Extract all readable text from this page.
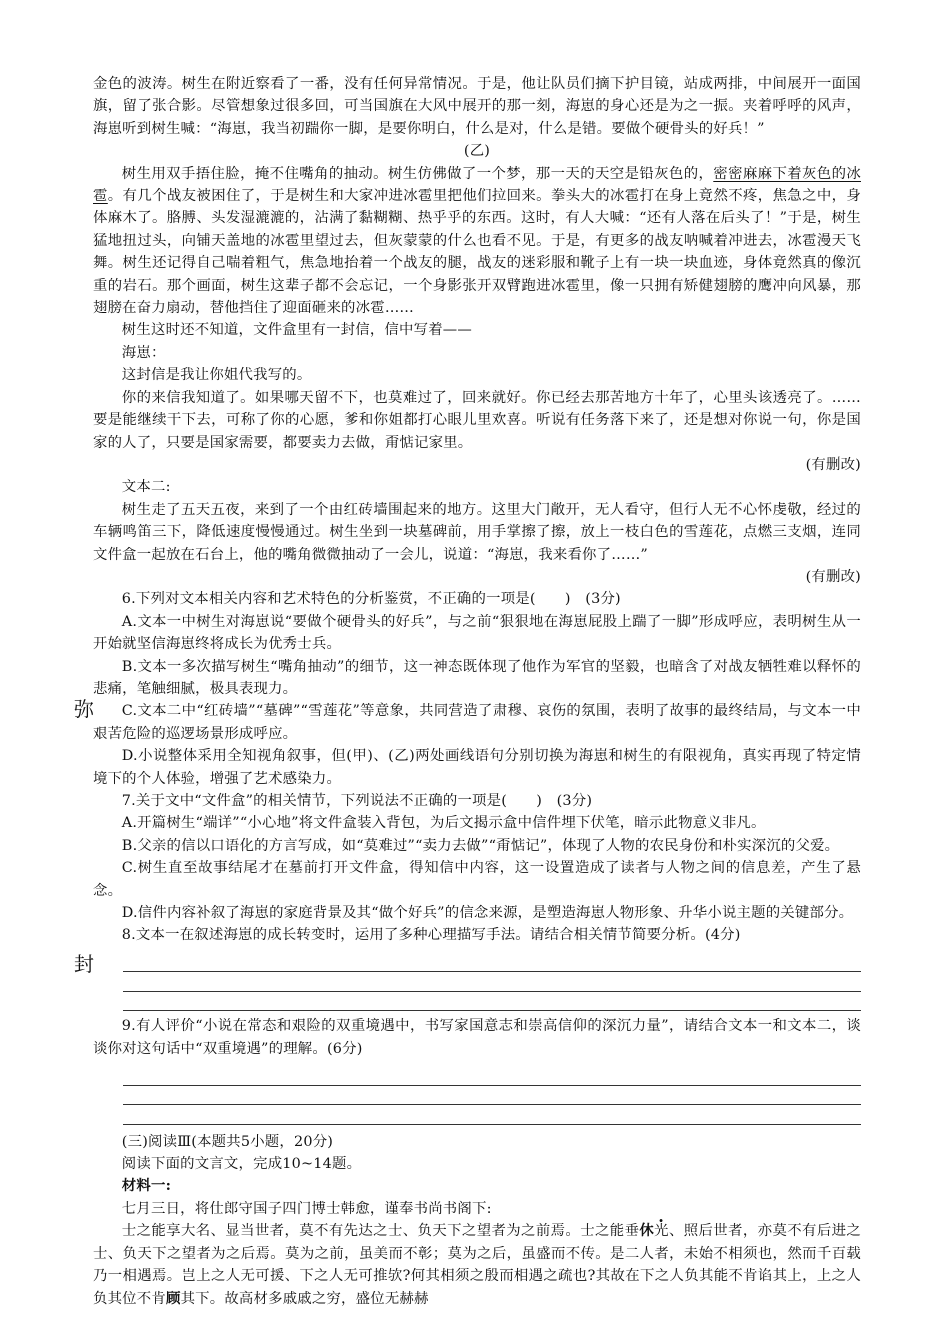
弥
封

金色的波涛。树生在附近察看了一番，没有任何异常情况。于是，他让队员们摘下护目镜，站成两排，中间展开一面国旗，留了张合影。尽管想象过很多回，可当国旗在大风中展开的那一刻，海崽的身心还是为之一振。夹着呼呼的风声，海崽听到树生喊：“海崽，我当初踹你一脚，是要你明白，什么是对，什么是错。要做个硬骨头的好兵！”

(乙)

树生用双手捂住脸，掩不住嘴角的抽动。树生仿佛做了一个梦，那一天的天空是铅灰色的，密密麻麻下着灰色的冰雹。有几个战友被困住了，于是树生和大家冲进冰雹里把他们拉回来。拳头大的冰雹打在身上竟然不疼，焦急之中，身体麻木了。胳膊、头发湿漉漉的，沾满了黏糊糊、热乎乎的东西。这时，有人大喊：“还有人落在后头了！”于是，树生猛地扭过头，向铺天盖地的冰雹里望过去，但灰蒙蒙的什么也看不见。于是，有更多的战友呐喊着冲进去，冰雹漫天飞舞。树生还记得自己喘着粗气，焦急地抬着一个战友的腿，战友的迷彩服和靴子上有一块一块血迹，身体竟然真的像沉重的岩石。那个画面，树生这辈子都不会忘记，一个身影张开双臂跑进冰雹里，像一只拥有矫健翅膀的鹰冲向风暴，那翅膀在奋力扇动，替他挡住了迎面砸来的冰雹……

树生这时还不知道，文件盒里有一封信，信中写着——

海崽：

这封信是我让你姐代我写的。

你的来信我知道了。如果哪天留不下，也莫难过了，回来就好。你已经去那苦地方十年了，心里头该透亮了。……要是能继续干下去，可称了你的心愿，爹和你姐都打心眼儿里欢喜。听说有任务落下来了，还是想对你说一句，你是国家的人了，只要是国家需要，都要卖力去做，甭惦记家里。

(有删改)

文本二:

树生走了五天五夜，来到了一个由红砖墙围起来的地方。这里大门敞开，无人看守，但行人无不心怀虔敬，经过的车辆鸣笛三下，降低速度慢慢通过。树生坐到一块墓碑前，用手掌擦了擦，放上一枝白色的雪莲花，点燃三支烟，连同文件盒一起放在石台上，他的嘴角微微抽动了一会儿，说道：“海崽，我来看你了……”

(有删改)

6.下列对文本相关内容和艺术特色的分析鉴赏，不正确的一项是(　　)　(3分)

A.文本一中树生对海崽说“要做个硬骨头的好兵”，与之前“狠狠地在海崽屁股上踹了一脚”形成呼应，表明树生从一开始就坚信海崽终将成长为优秀士兵。

B.文本一多次描写树生“嘴角抽动”的细节，这一神态既体现了他作为军官的坚毅，也暗含了对战友牺牲难以释怀的悲痛，笔触细腻，极具表现力。

C.文本二中“红砖墙”“墓碑”“雪莲花”等意象，共同营造了肃穆、哀伤的氛围，表明了故事的最终结局，与文本一中艰苦危险的巡逻场景形成呼应。

D.小说整体采用全知视角叙事，但(甲)、(乙)两处画线语句分别切换为海崽和树生的有限视角，真实再现了特定情境下的个人体验，增强了艺术感染力。

7.关于文中“文件盒”的相关情节，下列说法不正确的一项是(　　)　(3分)

A.开篇树生“端详”“小心地”将文件盒装入背包，为后文揭示盒中信件埋下伏笔，暗示此物意义非凡。

B.父亲的信以口语化的方言写成，如“莫难过”“卖力去做”“甭惦记”，体现了人物的农民身份和朴实深沉的父爱。

C.树生直至故事结尾才在墓前打开文件盒，得知信中内容，这一设置造成了读者与人物之间的信息差，产生了悬念。

D.信件内容补叙了海崽的家庭背景及其“做个好兵”的信念来源，是塑造海崽人物形象、升华小说主题的关键部分。

8.文本一在叙述海崽的成长转变时，运用了多种心理描写手法。请结合相关情节简要分析。(4分)

9.有人评价“小说在常态和艰险的双重境遇中，书写家国意志和崇高信仰的深沉力量”，请结合文本一和文本二，谈谈你对这句话中“双重境遇”的理解。(6分)

(三)阅读Ⅲ(本题共5小题，20分)

阅读下面的文言文，完成10~14题。

材料一:

七月三日，将仕郎守国子四门博士韩愈，谨奉书尚书阁下:

士之能享大名、显当世者，莫不有先达之士、负天下之望者为之前焉。士之能垂休光、照后世者，亦莫不有后进之士、负天下之望者为之后焉。莫为之前，虽美而不彰；莫为之后，虽盛而不传。是二人者，未始不相须也，然而千百载乃一相遇焉。岂上之人无可援、下之人无可推欤?何其相须之殷而相遇之疏也?其故在下之人负其能不肯谄其上，上之人负其位不肯顾其下。故高材多戚戚之穷，盛位无赫赫
